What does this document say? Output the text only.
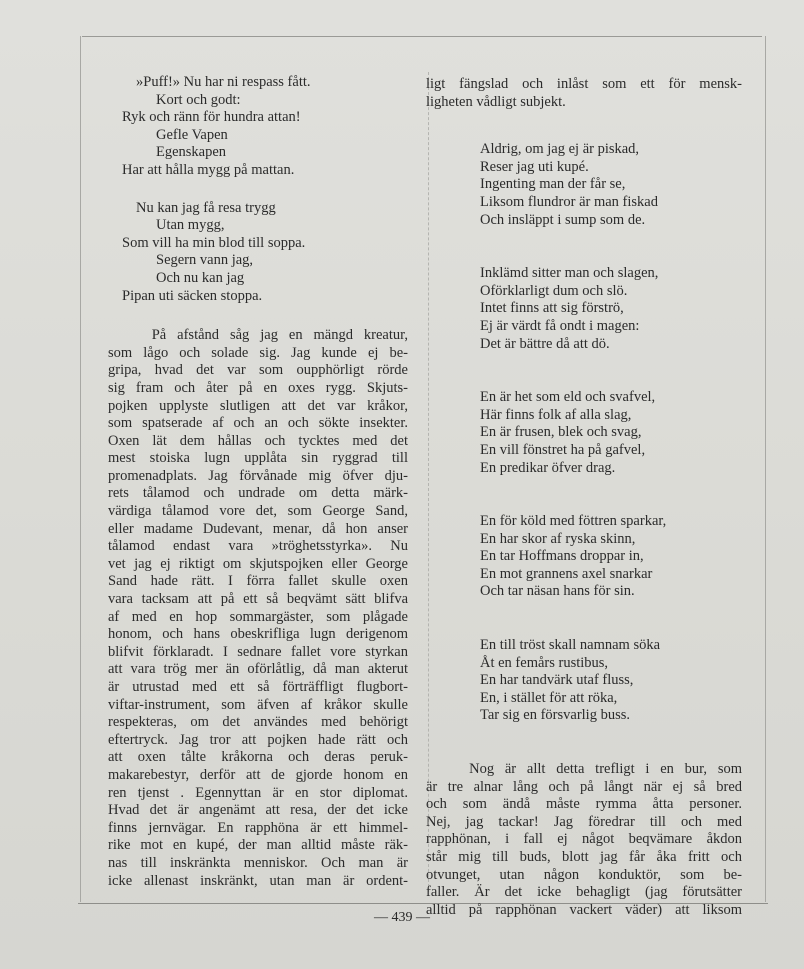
»Puff!» Nu har ni respass fått.
Kort och godt:
Ryk och ränn för hundra attan!
Gefle Vapen
Egenskapen
Har att hålla mygg på mattan.
Nu kan jag få resa trygg
Utan mygg,
Som vill ha min blod till soppa.
Segern vann jag,
Och nu kan jag
Pipan uti säcken stoppa.
På afstånd såg jag en mängd kreatur,
som lågo och solade sig. Jag kunde ej be-
gripa, hvad det var som oupphörligt rörde
sig fram och åter på en oxes rygg. Skjuts-
pojken upplyste slutligen att det var kråkor,
som spatserade af och an och sökte insekter.
Oxen lät dem hållas och tycktes med det
mest stoiska lugn upplåta sin ryggrad till
promenadplats. Jag förvånade mig öfver dju-
rets tålamod och undrade om detta märk-
värdiga tålamod vore det, som George Sand,
eller madame Dudevant, menar, då hon anser
tålamod endast vara »tröghetsstyrka». Nu
vet jag ej riktigt om skjutspojken eller George
Sand hade rätt. I förra fallet skulle oxen
vara tacksam att på ett så beqvämt sätt blifva
af med en hop sommargäster, som plågade
honom, och hans obeskrifliga lugn derigenom
blifvit förklaradt. I sednare fallet vore styrkan
att vara trög mer än oförlåtlig, då man akterut
är utrustad med ett så förträffligt flugbort-
viftar-instrument, som äfven af kråkor skulle
respekteras, om det användes med behörigt
eftertryck. Jag tror att pojken hade rätt och
att oxen tålte kråkorna och deras peruk-
makarebestyr, derför att de gjorde honom en
ren tjenst . Egennyttan är en stor diplomat.
Hvad det är angenämt att resa, der det icke
finns jernvägar. En rapphöna är ett himmel-
rike mot en kupé, der man alltid måste räk-
nas till inskränkta menniskor. Och man är
icke allenast inskränkt, utan man är ordent-
ligt fängslad och inlåst som ett för mensk-
ligheten vådligt subjekt.
Aldrig, om jag ej är piskad,
Reser jag uti kupé.
Ingenting man der får se,
Liksom flundror är man fiskad
Och insläppt i sump som de.
Inklämd sitter man och slagen,
Oförklarligt dum och slö.
Intet finns att sig förströ,
Ej är värdt få ondt i magen:
Det är bättre då att dö.
En är het som eld och svafvel,
Här finns folk af alla slag,
En är frusen, blek och svag,
En vill fönstret ha på gafvel,
En predikar öfver drag.
En för köld med föttren sparkar,
En har skor af ryska skinn,
En tar Hoffmans droppar in,
En mot grannens axel snarkar
Och tar näsan hans för sin.
En till tröst skall namnam söka
Åt en femårs rustibus,
En har tandvärk utaf fluss,
En, i stället för att röka,
Tar sig en försvarlig buss.
Nog är allt detta trefligt i en bur, som
är tre alnar lång och på långt när ej så bred
och som ändå måste rymma åtta personer.
Nej, jag tackar! Jag föredrar till och med
rapphönan, i fall ej något beqvämare åkdon
står mig till buds, blott jag får åka fritt och
otvunget, utan någon konduktör, som be-
faller. Är det icke behagligt (jag förutsätter
alltid på rapphönan vackert väder) att liksom
— 439 —
